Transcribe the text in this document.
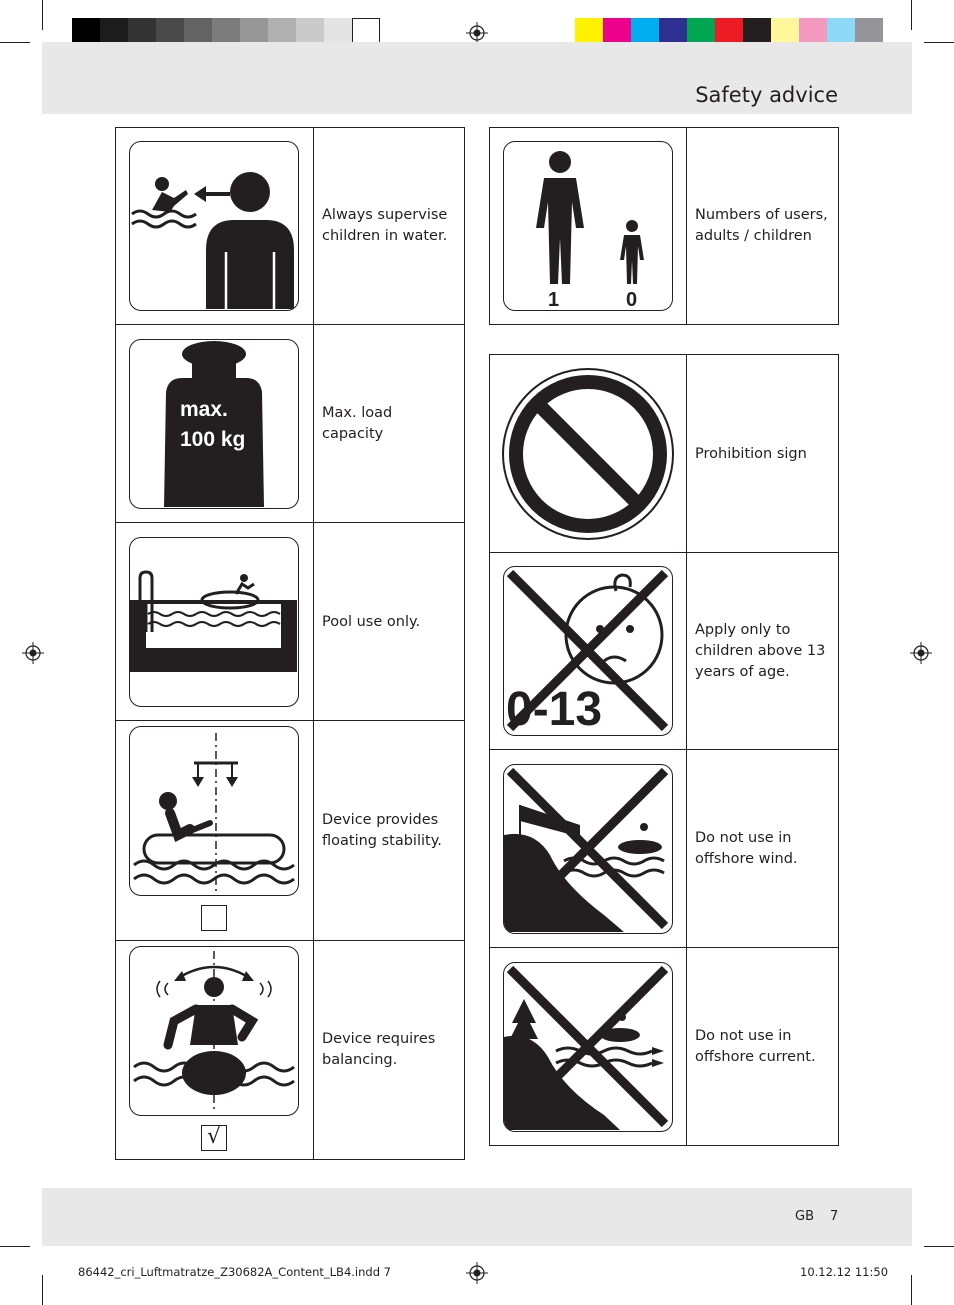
Safety advice
Always supervise children in water.
max.
100 kg
Max. load capacity
Pool use only.
Device provides floating stability.
√
Device requires balancing.
1	0
Numbers of users, adults / children
Prohibition sign
0-13
Apply only to children above 13 years of age.
Do not use in offshore wind.
Do not use in offshore current.
GB 7
86442_cri_Luftmatratze_Z30682A_Content_LB4.indd 7	10.12.12 11:50
